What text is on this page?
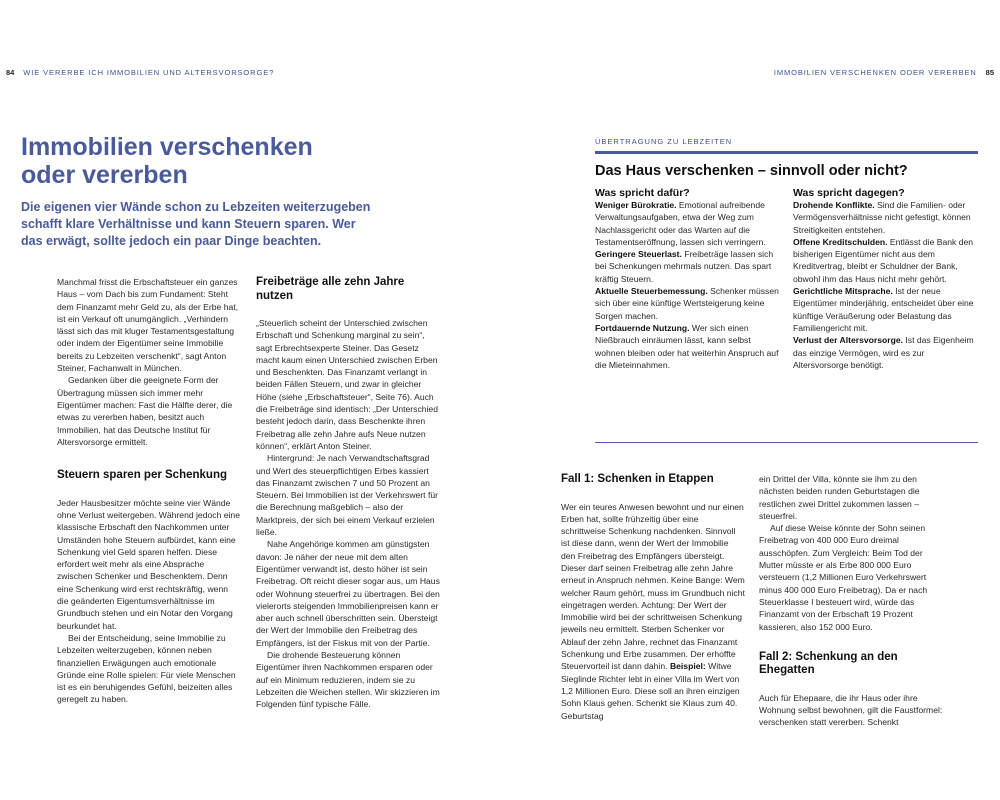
84 WIE VERERBE ICH IMMOBILIEN UND ALTERSVORSORGE?	IMMOBILIEN VERSCHENKEN ODER VERERBEN 85
Immobilien verschenken
oder vererben
Die eigenen vier Wände schon zu Lebzeiten weiterzugeben schafft klare Verhältnisse und kann Steuern sparen. Wer das erwägt, sollte jedoch ein paar Dinge beachten.

Manchmal frisst die Erbschaftsteuer ein ganzes Haus – vom Dach bis zum Fundament: Steht dem Finanzamt mehr Geld zu, als der Erbe hat, ist ein Verkauf oft unumgänglich. „Verhindern lässt sich das mit kluger Testamentsgestaltung oder indem der Eigentümer seine Immobilie bereits zu Lebzeiten verschenkt“, sagt Anton Steiner, Fachanwalt in München.

Gedanken über die geeignete Form der Übertragung müssen sich immer mehr Eigentümer machen: Fast die Hälfte derer, die etwas zu vererben haben, besitzt auch Immobilien, hat das Deutsche Institut für Altersvorsorge ermittelt.

Steuern sparen per Schenkung

Jeder Hausbesitzer möchte seine vier Wände ohne Verlust weitergeben. Während jedoch eine klassische Erbschaft den Nachkommen unter Umständen hohe Steuern aufbürdet, kann eine Schenkung viel Geld sparen helfen. Diese erfordert weit mehr als eine Absprache zwischen Schenker und Beschenktem. Denn eine Schenkung wird erst rechtskräftig, wenn die geänderten Eigentumsverhältnisse im Grundbuch stehen und ein Notar den Vorgang beurkundet hat.

Bei der Entscheidung, seine Immobilie zu Lebzeiten weiterzugeben, können neben finanziellen Erwägungen auch emotionale Gründe eine Rolle spielen: Für viele Menschen ist es ein beruhigendes Gefühl, beizeiten alles geregelt zu haben.

Freibeträge alle zehn Jahre nutzen

„Steuerlich scheint der Unterschied zwischen Erbschaft und Schenkung marginal zu sein“, sagt Erbrechtsexperte Steiner. Das Gesetz macht kaum einen Unterschied zwischen Erben und Beschenkten. Das Finanzamt verlangt in beiden Fällen Steuern, und zwar in gleicher Höhe (siehe „Erbschaftsteuer“, Seite 76). Auch die Freibeträge sind identisch: „Der Unterschied besteht jedoch darin, dass Beschenkte ihren Freibetrag alle zehn Jahre aufs Neue nutzen können“, erklärt Anton Steiner.

Hintergrund: Je nach Verwandtschaftsgrad und Wert des steuerpflichtigen Erbes kassiert das Finanzamt zwischen 7 und 50 Prozent an Steuern. Bei Immobilien ist der Verkehrswert für die Berechnung maßgeblich – also der Marktpreis, der sich bei einem Verkauf erzielen ließe.

Nahe Angehörige kommen am günstigsten davon: Je näher der neue mit dem alten Eigentümer verwandt ist, desto höher ist sein Freibetrag. Oft reicht dieser sogar aus, um Haus oder Wohnung steuerfrei zu übertragen. Bei den vielerorts steigenden Immobilienpreisen kann er aber auch schnell überschritten sein. Übersteigt der Wert der Immobilie den Freibetrag des Empfängers, ist der Fiskus mit von der Partie.

Die drohende Besteuerung können Eigentümer ihren Nachkommen ersparen oder auf ein Minimum reduzieren, indem sie zu Lebzeiten die Weichen stellen. Wir skizzieren im Folgenden fünf typische Fälle.

ÜBERTRAGUNG ZU LEBZEITEN
Das Haus verschenken – sinnvoll oder nicht?
Was spricht dafür?

Weniger Bürokratie. Emotional aufreibende Verwaltungsaufgaben, etwa der Weg zum Nachlassgericht oder das Warten auf die Testamentseröffnung, lassen sich verringern.

Geringere Steuerlast. Freibeträge lassen sich bei Schenkungen mehrmals nutzen. Das spart kräftig Steuern.

Aktuelle Steuerbemessung. Schenker müssen sich über eine künftige Wertsteigerung keine Sorgen machen.

Fortdauernde Nutzung. Wer sich einen Nießbrauch einräumen lässt, kann selbst wohnen bleiben oder hat weiterhin Anspruch auf die Mieteinnahmen.

Was spricht dagegen?

Drohende Konflikte. Sind die Familien- oder Vermögensverhältnisse nicht gefestigt, können Streitigkeiten entstehen.

Offene Kreditschulden. Entlässt die Bank den bisherigen Eigentümer nicht aus dem Kreditvertrag, bleibt er Schuldner der Bank, obwohl ihm das Haus nicht mehr gehört.

Gerichtliche Mitsprache. Ist der neue Eigentümer minderjährig, entscheidet über eine künftige Veräußerung oder Belastung das Familiengericht mit.

Verlust der Altersvorsorge. Ist das Eigenheim das einzige Vermögen, wird es zur Altersvorsorge benötigt.

Fall 1: Schenken in Etappen

Wer ein teures Anwesen bewohnt und nur einen Erben hat, sollte frühzeitig über eine schrittweise Schenkung nachdenken. Sinnvoll ist diese dann, wenn der Wert der Immobilie den Freibetrag des Empfängers übersteigt. Dieser darf seinen Freibetrag alle zehn Jahre erneut in Anspruch nehmen. Keine Bange: Wem welcher Raum gehört, muss im Grundbuch nicht eingetragen werden. Achtung: Der Wert der Immobilie wird bei der schrittweisen Schenkung jeweils neu ermittelt. Sterben Schenker vor Ablauf der zehn Jahre, rechnet das Finanzamt Schenkung und Erbe zusammen. Der erhoffte Steuervorteil ist dann dahin. Beispiel: Witwe Sieglinde Richter lebt in einer Villa im Wert von 1,2 Millionen Euro. Diese soll an ihren einzigen Sohn Klaus gehen. Schenkt sie Klaus zum 40. Geburtstag

ein Drittel der Villa, könnte sie ihm zu den nächsten beiden runden Geburtstagen die restlichen zwei Drittel zukommen lassen – steuerfrei.

Auf diese Weise könnte der Sohn seinen Freibetrag von 400 000 Euro dreimal ausschöpfen. Zum Vergleich: Beim Tod der Mutter müsste er als Erbe 800 000 Euro versteuern (1,2 Millionen Euro Verkehrswert minus 400 000 Euro Freibetrag). Da er nach Steuerklasse I besteuert wird, würde das Finanzamt von der Erbschaft 19 Prozent kassieren, also 152 000 Euro.

Fall 2: Schenkung an den Ehegatten

Auch für Ehepaare, die ihr Haus oder ihre Wohnung selbst bewohnen, gilt die Faustformel: verschenken statt vererben. Schenkt
